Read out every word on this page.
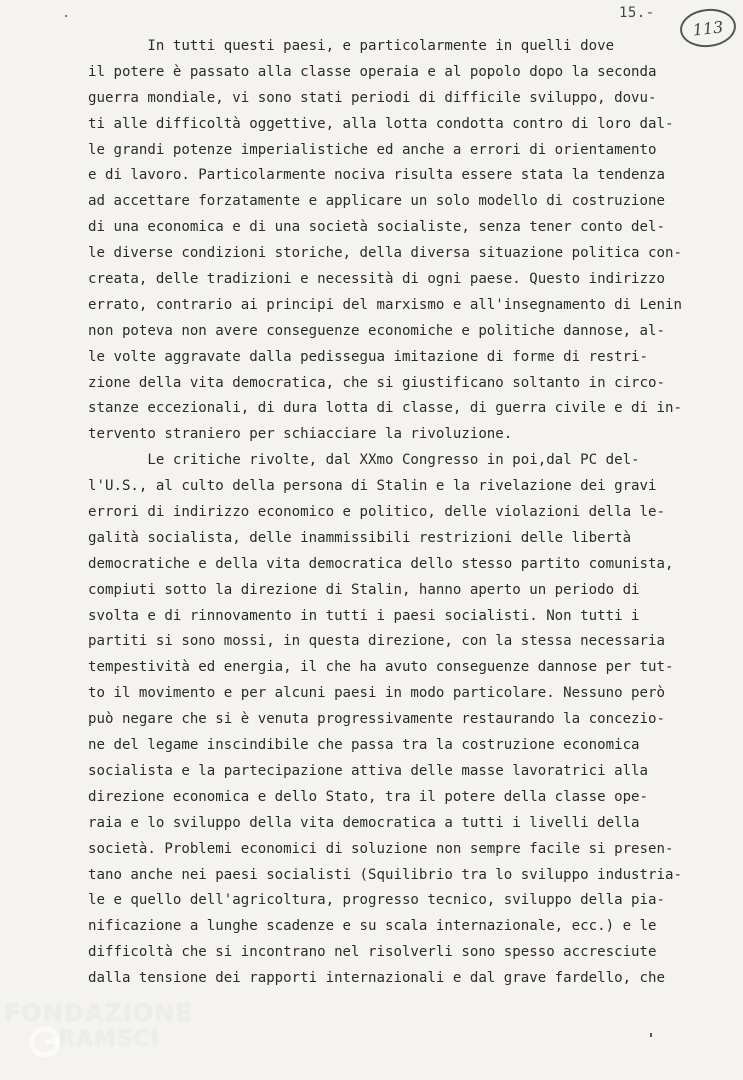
15.-
113
In tutti questi paesi, e particolarmente in quelli dove
il potere è passato alla classe operaia e al popolo dopo la seconda
guerra mondiale, vi sono stati periodi di difficile sviluppo, dovu-
ti alle difficoltà oggettive, alla lotta condotta contro di loro dal-
le grandi potenze imperialistiche ed anche a errori di orientamento
e di lavoro. Particolarmente nociva risulta essere stata la tendenza
ad accettare forzatamente e applicare un solo modello di costruzione
di una economica e di una società socialiste, senza tener conto del-
le diverse condizioni storiche, della diversa situazione politica con-
creata, delle tradizioni e necessità di ogni paese. Questo indirizzo
errato, contrario ai principi del marxismo e all'insegnamento di Lenin
non poteva non avere conseguenze economiche e politiche dannose, al-
le volte aggravate dalla pedissegua imitazione di forme di restri-
zione della vita democratica, che si giustificano soltanto in circo-
stanze eccezionali, di dura lotta di classe, di guerra civile e di in-
tervento straniero per schiacciare la rivoluzione.
Le critiche rivolte, dal XXmo Congresso in poi,dal PC del-
l'U.S., al culto della persona di Stalin e la rivelazione dei gravi
errori di indirizzo economico e politico, delle violazioni della le-
galità socialista, delle inammissibili restrizioni delle libertà
democratiche e della vita democratica dello stesso partito comunista,
compiuti sotto la direzione di Stalin, hanno aperto un periodo di
svolta e di rinnovamento in tutti i paesi socialisti. Non tutti i
partiti si sono mossi, in questa direzione, con la stessa necessaria
tempestività ed energia, il che ha avuto conseguenze dannose per tut-
to il movimento e per alcuni paesi in modo particolare. Nessuno però
può negare che si è venuta progressivamente restaurando la concezio-
ne del legame inscindibile che passa tra la costruzione economica
socialista e la partecipazione attiva delle masse lavoratrici alla
direzione economica e dello Stato, tra il potere della classe ope-
raia e lo sviluppo della vita democratica a tutti i livelli della
società. Problemi economici di soluzione non sempre facile si presen-
tano anche nei paesi socialisti (Squilibrio tra lo sviluppo industria-
le e quello dell'agricoltura, progresso tecnico, sviluppo della pia-
nificazione a lunghe scadenze e su scala internazionale, ecc.) e le
difficoltà che si incontrano nel risolverli sono spesso accresciute
dalla tensione dei rapporti internazionali e dal grave fardello, che
FONDAZIONE
RAMSCI
